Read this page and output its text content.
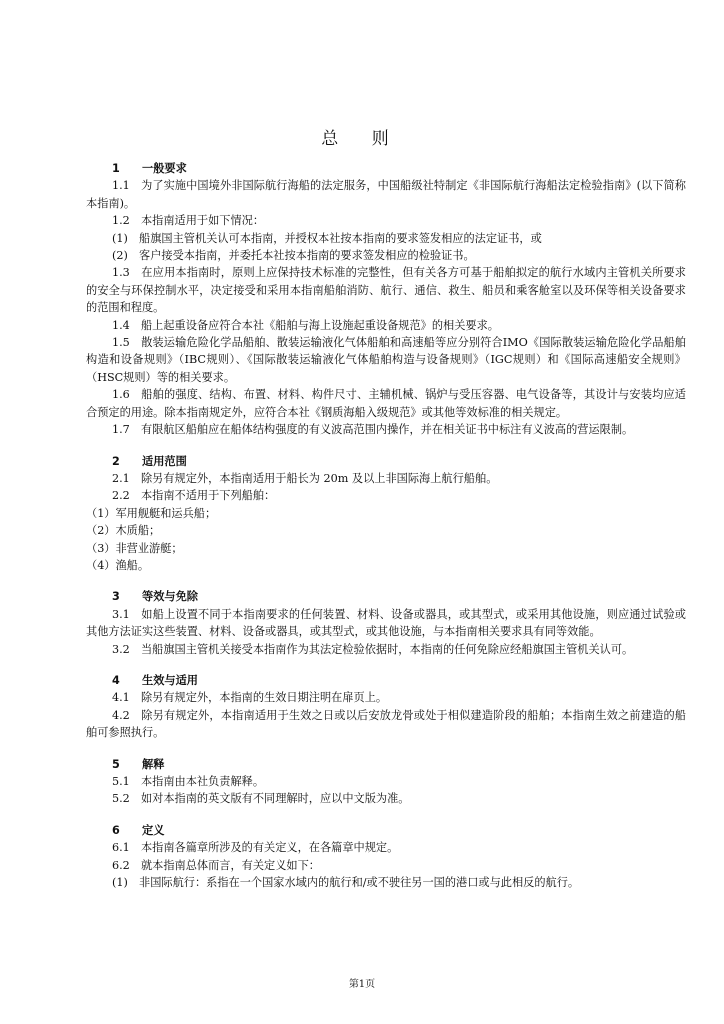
总 则

1 一般要求

1.1　为了实施中国境外非国际航行海船的法定服务，中国船级社特制定《非国际航行海船法定检验指南》(以下简称本指南)。

1.2　本指南适用于如下情况：

(1)　船旗国主管机关认可本指南，并授权本社按本指南的要求签发相应的法定证书，或

(2)　客户接受本指南，并委托本社按本指南的要求签发相应的检验证书。

1.3　在应用本指南时，原则上应保持技术标准的完整性，但有关各方可基于船舶拟定的航行水域内主管机关所要求的安全与环保控制水平，决定接受和采用本指南船舶消防、航行、通信、救生、船员和乘客舱室以及环保等相关设备要求的范围和程度。

1.4　船上起重设备应符合本社《船舶与海上设施起重设备规范》的相关要求。

1.5　散装运输危险化学品船舶、散装运输液化气体船舶和高速船等应分别符合IMO《国际散装运输危险化学品船舶构造和设备规则》（IBC规则）、《国际散装运输液化气体船舶构造与设备规则》（IGC规则）和《国际高速船安全规则》（HSC规则）等的相关要求。

1.6　船舶的强度、结构、布置、材料、构件尺寸、主辅机械、锅炉与受压容器、电气设备等，其设计与安装均应适合预定的用途。除本指南规定外，应符合本社《钢质海船入级规范》或其他等效标准的相关规定。

1.7　有限航区船舶应在船体结构强度的有义波高范围内操作，并在相关证书中标注有义波高的营运限制。

2 适用范围

2.1　除另有规定外，本指南适用于船长为 20m 及以上非国际海上航行船舶。

2.2　本指南不适用于下列船舶：

（1）军用舰艇和运兵船；

（2）木质船；

（3）非营业游艇；

（4）渔船。

3 等效与免除

3.1　如船上设置不同于本指南要求的任何装置、材料、设备或器具，或其型式，或采用其他设施，则应通过试验或其他方法证实这些装置、材料、设备或器具，或其型式，或其他设施，与本指南相关要求具有同等效能。

3.2　当船旗国主管机关接受本指南作为其法定检验依据时，本指南的任何免除应经船旗国主管机关认可。

4 生效与适用

4.1　除另有规定外，本指南的生效日期注明在扉页上。

4.2　除另有规定外，本指南适用于生效之日或以后安放龙骨或处于相似建造阶段的船舶；本指南生效之前建造的船舶可参照执行。

5 解释

5.1　本指南由本社负责解释。

5.2　如对本指南的英文版有不同理解时，应以中文版为准。

6 定义

6.1　本指南各篇章所涉及的有关定义，在各篇章中规定。

6.2　就本指南总体而言，有关定义如下：

(1)　非国际航行：系指在一个国家水域内的航行和/或不驶往另一国的港口或与此相反的航行。

第1页
